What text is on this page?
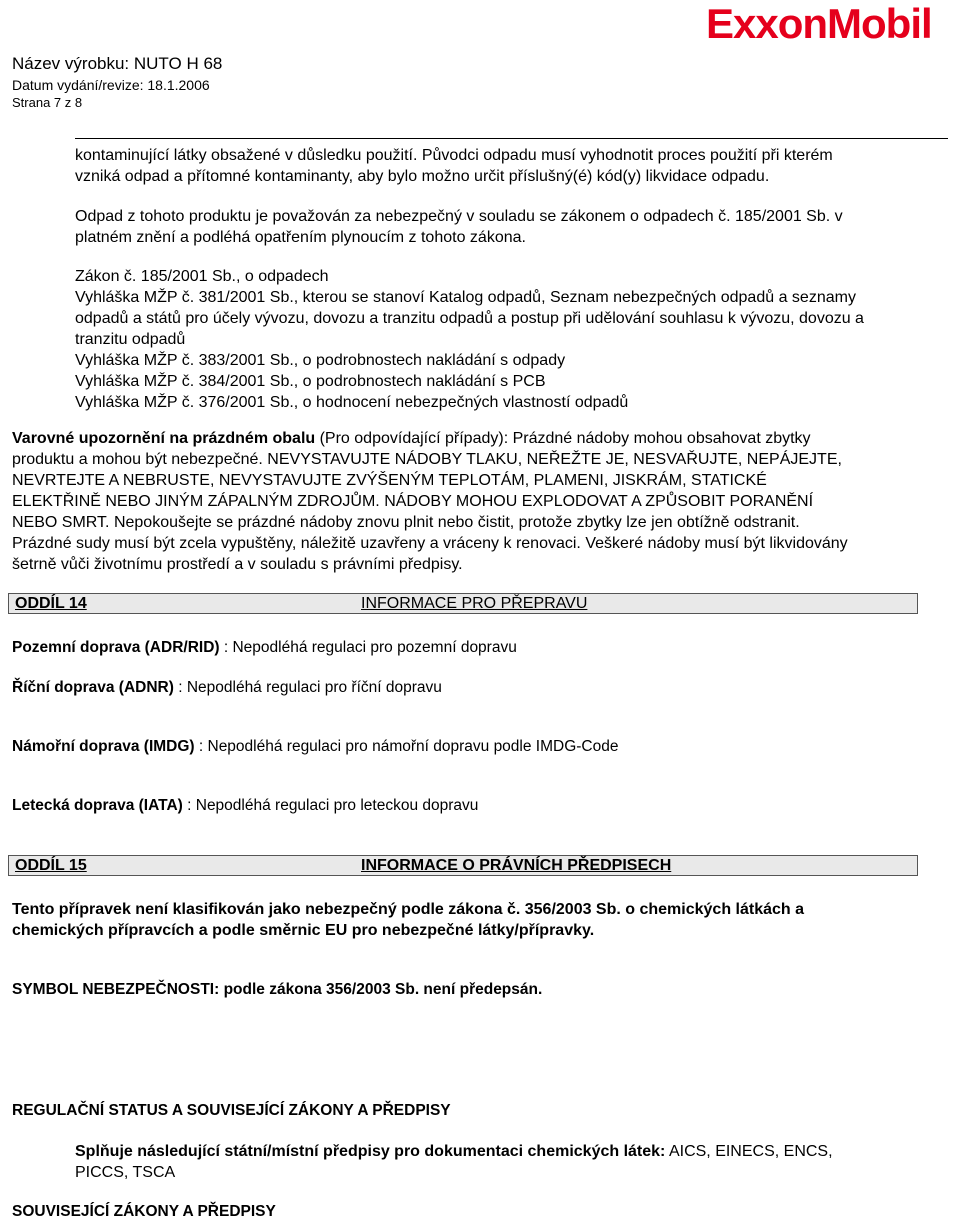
Název výrobku: NUTO H 68
Datum vydání/revize: 18.1.2006
Strana 7 z 8
ExxonMobil
kontaminující látky obsažené v důsledku použití. Původci odpadu musí vyhodnotit proces použití při kterém
vzniká odpad a přítomné kontaminanty, aby bylo možno určit příslušný(é) kód(y) likvidace odpadu.
Odpad z tohoto produktu je považován za nebezpečný v souladu se zákonem o odpadech č. 185/2001 Sb. v
platném znění a podléhá opatřením plynoucím z tohoto zákona.
Zákon č. 185/2001 Sb., o odpadech
Vyhláška MŽP č. 381/2001 Sb., kterou se stanoví Katalog odpadů, Seznam nebezpečných odpadů a seznamy
odpadů a států pro účely vývozu, dovozu a tranzitu odpadů a postup při udělování souhlasu k vývozu, dovozu a
tranzitu odpadů
Vyhláška MŽP č. 383/2001 Sb., o podrobnostech nakládání s odpady
Vyhláška MŽP č. 384/2001 Sb., o podrobnostech nakládání s PCB
Vyhláška MŽP č. 376/2001 Sb., o hodnocení nebezpečných vlastností odpadů
Varovné upozornění na prázdném obalu (Pro odpovídající případy): Prázdné nádoby mohou obsahovat zbytky
produktu a mohou být nebezpečné. NEVYSTAVUJTE NÁDOBY TLAKU, NEŘEŽTE JE, NESVAŘUJTE, NEPÁJEJTE,
NEVRTEJTE A NEBRUSTE, NEVYSTAVUJTE ZVÝŠENÝM TEPLOTÁM, PLAMENI, JISKRÁM, STATICKÉ
ELEKTŘINĚ NEBO JINÝM ZÁPALNÝM ZDROJŮM. NÁDOBY MOHOU EXPLODOVAT A ZPŮSOBIT PORANĚNÍ
NEBO SMRT. Nepokoušejte se prázdné nádoby znovu plnit nebo čistit, protože zbytky lze jen obtížně odstranit.
Prázdné sudy musí být zcela vypuštěny, náležitě uzavřeny a vráceny k renovaci. Veškeré nádoby musí být likvidovány
šetrně vůči životnímu prostředí a v souladu s právními předpisy.
ODDÍL 14	INFORMACE PRO PŘEPRAVU
Pozemní doprava (ADR/RID) : Nepodléhá regulaci pro pozemní dopravu
Říční doprava (ADNR) : Nepodléhá regulaci pro říční dopravu
Námořní doprava (IMDG) : Nepodléhá regulaci pro námořní dopravu podle IMDG-Code
Letecká doprava (IATA) : Nepodléhá regulaci pro leteckou dopravu
ODDÍL 15	INFORMACE O PRÁVNÍCH PŘEDPISECH
Tento přípravek není klasifikován jako nebezpečný podle zákona č. 356/2003 Sb. o chemických látkách a
chemických přípravcích a podle směrnic EU pro nebezpečné látky/přípravky.
SYMBOL NEBEZPEČNOSTI: podle zákona 356/2003 Sb. není předepsán.
REGULAČNÍ STATUS A SOUVISEJÍCÍ ZÁKONY A PŘEDPISY
Splňuje následující státní/místní předpisy pro dokumentaci chemických látek: AICS, EINECS, ENCS,
PICCS, TSCA
SOUVISEJÍCÍ ZÁKONY A PŘEDPISY
